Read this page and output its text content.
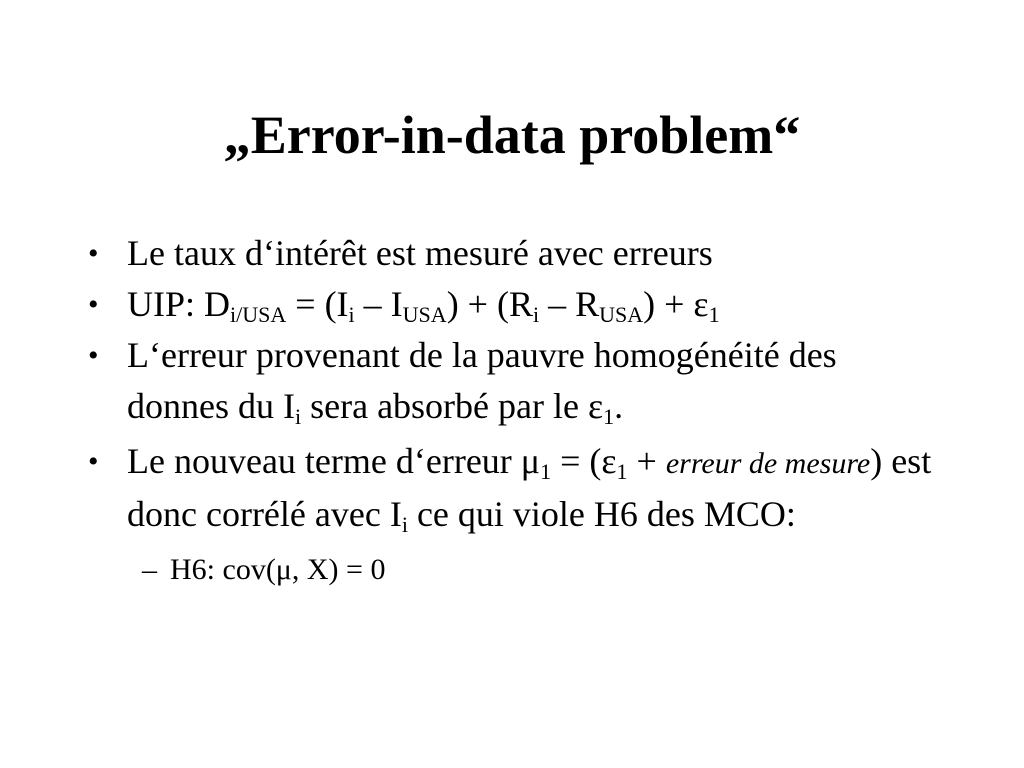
„Error-in-data problem“
• Le taux d‘intérêt est mesuré avec erreurs
• UIP: $D_{i/USA} = (I_i - I_{USA}) + (R_i - R_{USA}) + \varepsilon_1$
• L‘erreur provenant de la pauvre homogénéité des donnes du $I_i$ sera absorbé par le $\varepsilon_1$.
• Le nouveau terme d‘erreur $\mu_1 = (\varepsilon_1$ + erreur de mesure) est donc corrélé avec $I_i$ ce qui viole H6 des MCO:
– H6: cov(μ, X) = 0
